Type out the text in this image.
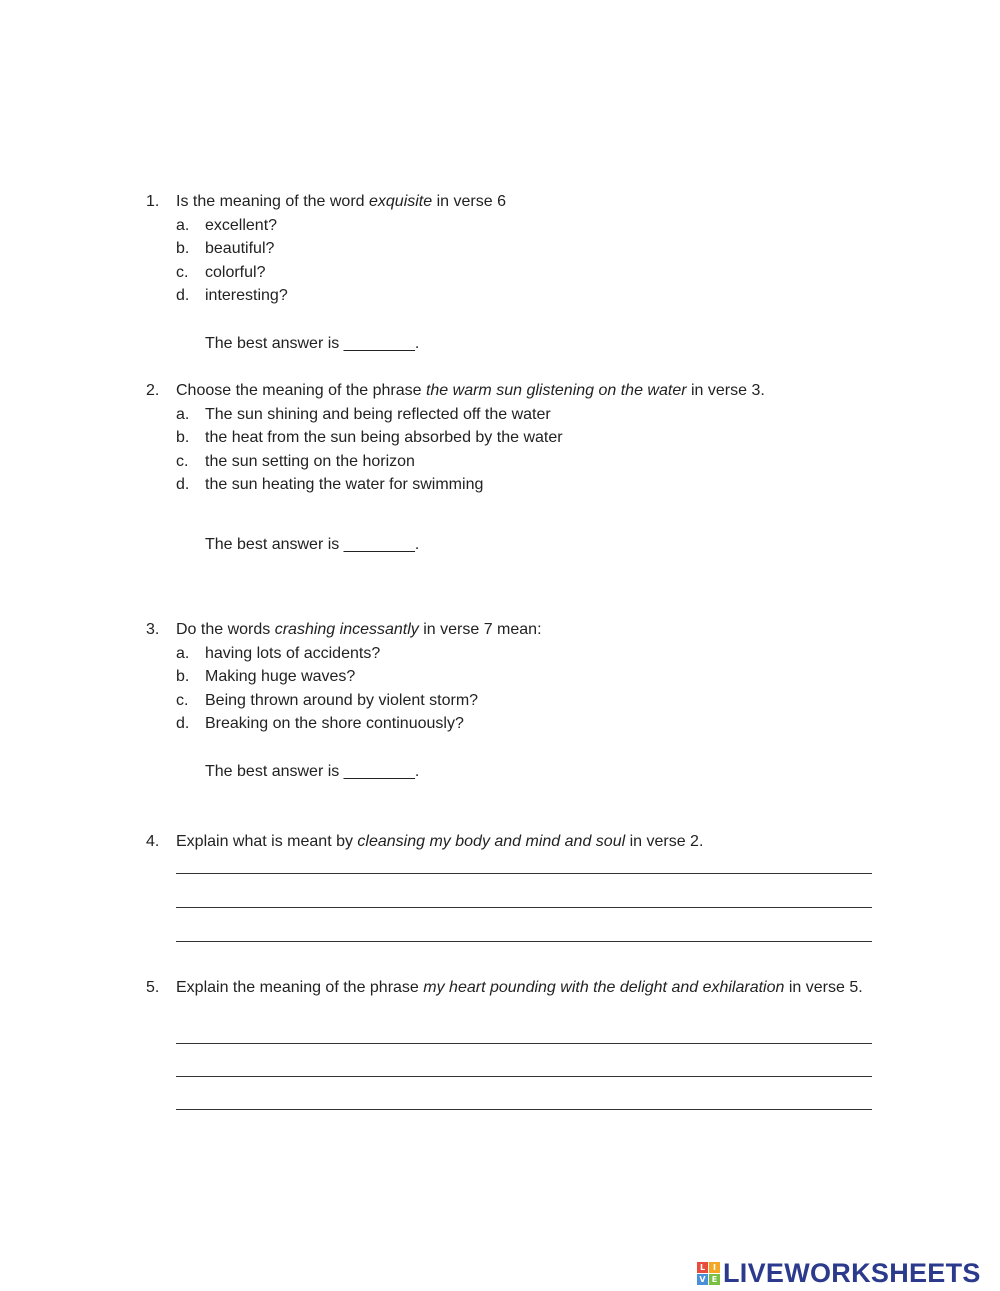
1.	Is the meaning of the word exquisite in verse 6
a. excellent?
b. beautiful?
c.	colorful?
d. interesting?
The best answer is ________.
2.	Choose the meaning of the phrase the warm sun glistening on the water in verse 3.
a. The sun shining and being reflected off the water
b. the heat from the sun being absorbed by the water
c.	the sun setting on the horizon
d. the sun heating the water for swimming
The best answer is ________.
3.	Do the words crashing incessantly in verse 7 mean:
a. having lots of accidents?
b. Making huge waves?
c.	Being thrown around by violent storm?
d. Breaking on the shore continuously?
The best answer is ________.
4.	Explain what is meant by cleansing my body and mind and soul in verse 2.
5.	Explain the meaning of the phrase my heart pounding with the delight and exhilaration in verse 5.
L I
V E LIVEWORKSHEETS
